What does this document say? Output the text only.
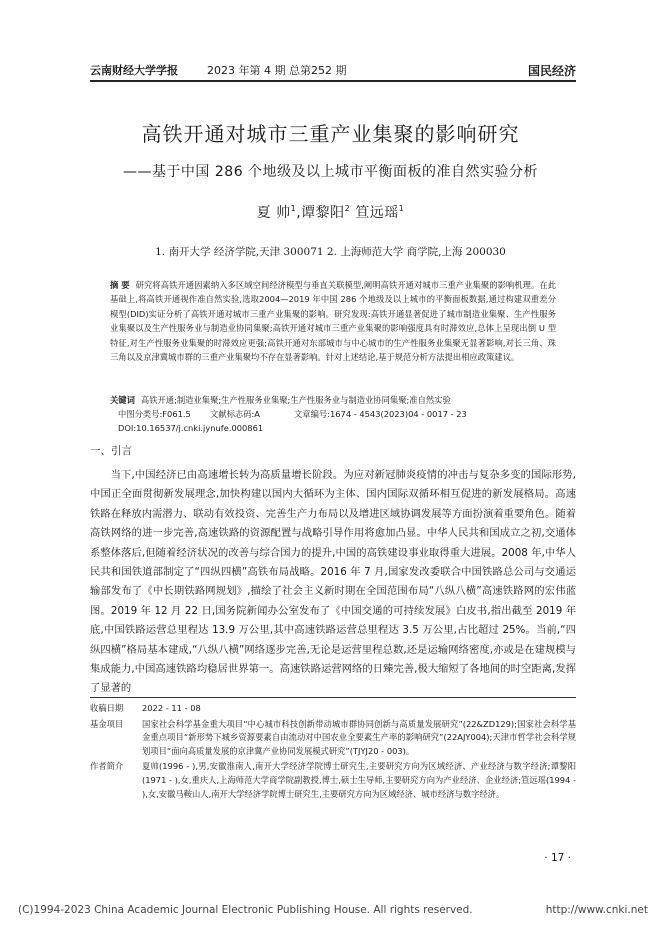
云南财经大学学报	2023 年第 4 期 总第252 期	国民经济
高铁开通对城市三重产业集聚的影响研究
——基于中国 286 个地级及以上城市平衡面板的准自然实验分析
夏 帅$^1$,谭黎阳$^2$ 笪远瑶$^1$
1. 南开大学 经济学院,天津 300071 2. 上海师范大学 商学院,上海 200030
摘 要 研究将高铁开通因素纳入多区域空间经济模型与垂直关联模型,阐明高铁开通对城市三重产业集聚的影响机理。在此基础上,将高铁开通视作准自然实验,选取2004—2019 年中国 286 个地级及以上城市的平衡面板数据,通过构建双重差分模型(DID)实证分析了高铁开通对城市三重产业集聚的影响。研究发现:高铁开通显著促进了城市制造业集聚、生产性服务业集聚以及生产性服务业与制造业协同集聚;高铁开通对城市三重产业集聚的影响强度具有时滞效应,总体上呈现出倒 U 型特征,对生产性服务业集聚的时滞效应更强;高铁开通对东部城市与中心城市的生产性服务业集聚无显著影响,对长三角、珠三角以及京津冀城市群的三重产业集聚均不存在显著影响。针对上述结论,基于规范分析方法提出相应政策建议。
关键词 高铁开通;制造业集聚;生产性服务业集聚;生产性服务业与制造业协同集聚;准自然实验
中图分类号:F061.5 文献标志码:A	文章编号:1674 - 4543(2023)04 - 0017 - 23
DOI:10.16537/j.cnki.jynufe.000861
一、引言
当下,中国经济已由高速增长转为高质量增长阶段。为应对新冠肺炎疫情的冲击与复杂多变的国际形势,中国正全面贯彻新发展理念,加快构建以国内大循环为主体、国内国际双循环相互促进的新发展格局。高速铁路在释放内需潜力、联动有效投资、完善生产力布局以及增进区域协调发展等方面扮演着重要角色。随着高铁网络的进一步完善,高速铁路的资源配置与战略引导作用将愈加凸显。中华人民共和国成立之初,交通体系整体落后,但随着经济状况的改善与综合国力的提升,中国的高铁建设事业取得重大进展。2008 年,中华人民共和国铁道部制定了“四纵四横”高铁布局战略。2016 年 7 月,国家发改委联合中国铁路总公司与交通运输部发布了《中长期铁路网规划》,描绘了社会主义新时期在全国范围布局“八纵八横”高速铁路网的宏伟蓝图。2019 年 12 月 22 日,国务院新闻办公室发布了《中国交通的可持续发展》白皮书,指出截至 2019 年底,中国铁路运营总里程达 13.9 万公里,其中高速铁路运营总里程达 3.5 万公里,占比超过 25%。当前,“四纵四横”格局基本建成,“八纵八横”网络逐步完善,无论是运营里程总数,还是运输网络密度,亦或是在建规模与集成能力,中国高速铁路均稳居世界第一。高速铁路运营网络的日臻完善,极大缩短了各地间的时空距离,发挥了显著的
收稿日期 2022 - 11 - 08
基金项目 国家社会科学基金重大项目“中心城市科技创新带动城市群协同创新与高质量发展研究”(22&ZD129);国家社会科学基金重点项目“新形势下城乡资源要素自由流动对中国农业全要素生产率的影响研究”(22AJY004);天津市哲学社会科学规划项目“面向高质量发展的京津冀产业协同发展模式研究”(TJYJ20 - 003)。
作者简介 夏帅(1996 - ),男,安徽淮南人,南开大学经济学院博士研究生,主要研究方向为区域经济、产业经济与数字经济;谭黎阳(1971 - ),女,重庆人,上海师范大学商学院副教授,博士,硕士生导师,主要研究方向为产业经济、企业经济;笪远瑶(1994 - ),女,安徽马鞍山人,南开大学经济学院博士研究生,主要研究方向为区域经济、城市经济与数字经济。
· 17 ·
(C)1994-2023 China Academic Journal Electronic Publishing House. All rights reserved.	http://www.cnki.net
